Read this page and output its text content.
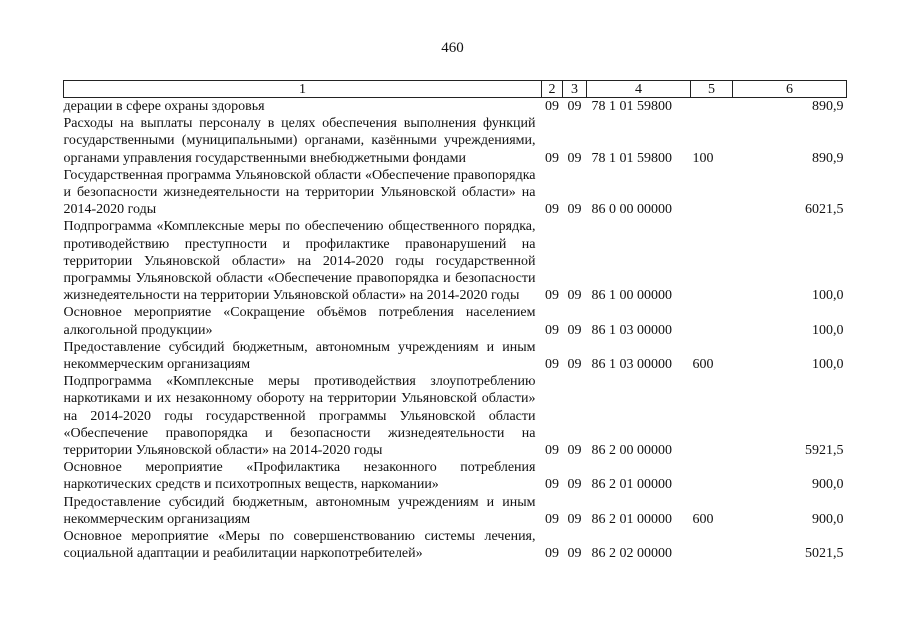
460
1	2	3	4	5	6

дерации в сфере охраны здоровья	09	09	78 1 01 59800		890,9

Расходы на выплаты персоналу в целях обеспечения выполнения функций государственными (муниципальными) органами, казёнными учреждениями, органами управления государственными внебюджетными фондами	09	09	78 1 01 59800	100	890,9

Государственная программа Ульяновской области «Обеспечение правопорядка и безопасности жизнедеятельности на территории Ульяновской области» на 2014-2020 годы	09	09	86 0 00 00000		6021,5

Подпрограмма «Комплексные меры по обеспечению общественного порядка, противодействию преступности и профилактике правонарушений на территории Ульяновской области» на 2014-2020 годы государственной программы Ульяновской области «Обеспечение правопорядка и безопасности жизнедеятельности на территории Ульяновской области» на 2014-2020 годы	09	09	86 1 00 00000		100,0

Основное мероприятие «Сокращение объёмов потребления населением алкогольной продукции»	09	09	86 1 03 00000		100,0

Предоставление субсидий бюджетным, автономным учреждениям и иным некоммерческим организациям	09	09	86 1 03 00000	600	100,0

Подпрограмма «Комплексные меры противодействия злоупотреблению наркотиками и их незаконному обороту на территории Ульяновской области» на 2014-2020 годы государственной программы Ульяновской области «Обеспечение правопорядка и безопасности жизнедеятельности на территории Ульяновской области» на 2014-2020 годы	09	09	86 2 00 00000		5921,5

Основное мероприятие «Профилактика незаконного потребления наркотических средств и психотропных веществ, наркомании»	09	09	86 2 01 00000		900,0

Предоставление субсидий бюджетным, автономным учреждениям и иным некоммерческим организациям	09	09	86 2 01 00000	600	900,0

Основное мероприятие «Меры по совершенствованию системы лечения, социальной адаптации и реабилитации наркопотребителей»	09	09	86 2 02 00000		5021,5
